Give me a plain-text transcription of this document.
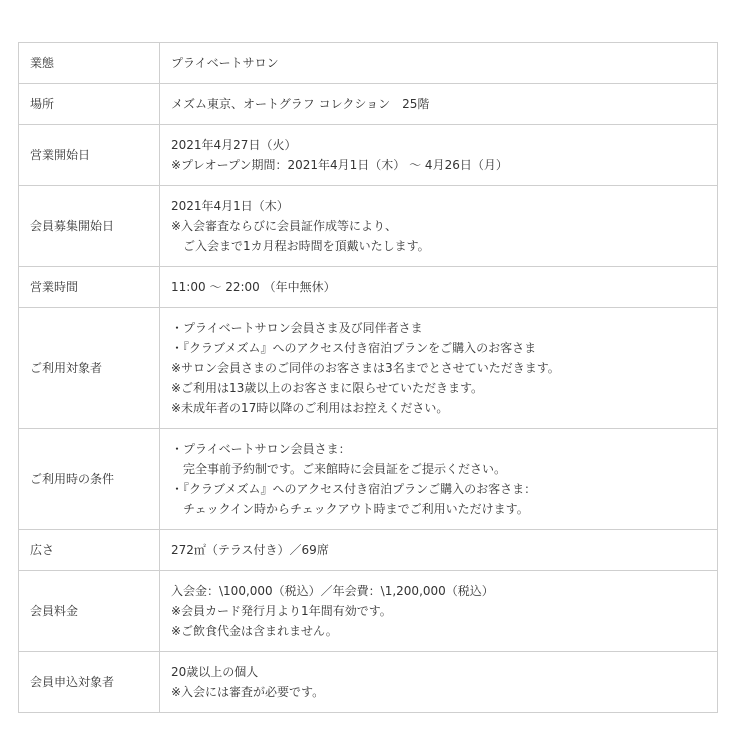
業態	プライベートサロン

場所	メズム東京、オートグラフ コレクション　25階

営業開始日	2021年4月27日（火）
※プレオープン期間：2021年4月1日（木） ～ 4月26日（月）

会員募集開始日	2021年4月1日（木）
※入会審査ならびに会員証作成等により、
　ご入会まで1カ月程お時間を頂戴いたします。

営業時間	11:00 ～ 22:00 （年中無休）

ご利用対象者	・プライベートサロン会員さま及び同伴者さま
・『クラブメズム』へのアクセス付き宿泊プランをご購入のお客さま
※サロン会員さまのご同伴のお客さまは3名までとさせていただきます。
※ご利用は13歳以上のお客さまに限らせていただきます。
※未成年者の17時以降のご利用はお控えください。

ご利用時の条件	・プライベートサロン会員さま：
　完全事前予約制です。ご来館時に会員証をご提示ください。
・『クラブメズム』へのアクセス付き宿泊プランご購入のお客さま：
　チェックイン時からチェックアウト時までご利用いただけます。

広さ	272㎡（テラス付き）／69席

会員料金	入会金：\100,000（税込）／年会費：\1,200,000（税込）
※会員カード発行月より1年間有効です。
※ご飲食代金は含まれません。

会員申込対象者	20歳以上の個人
※入会には審査が必要です。
